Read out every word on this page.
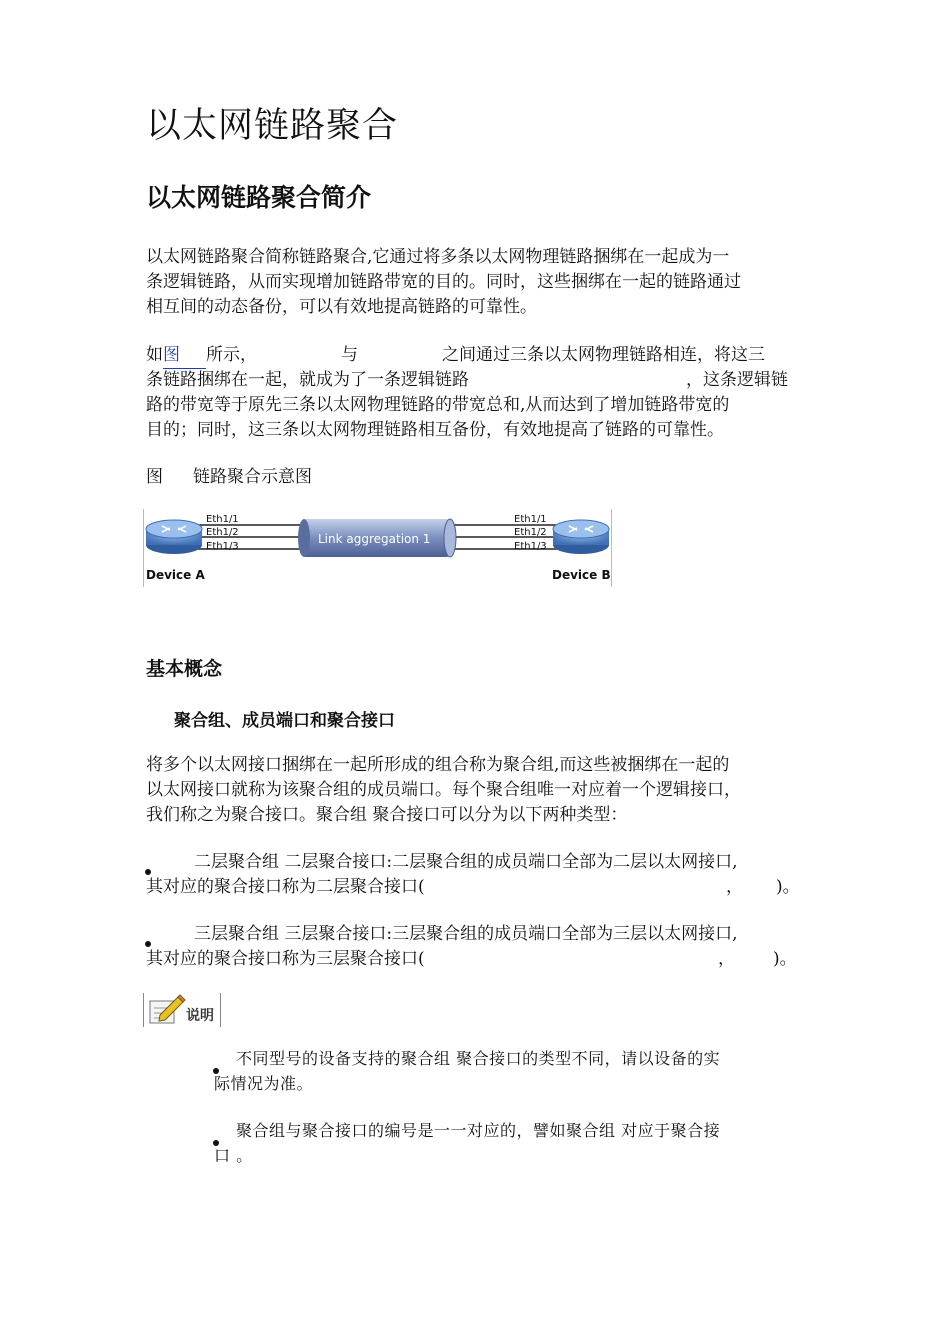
以太网链路聚合
以太网链路聚合简介
以太网链路聚合简称链路聚合,它通过将多条以太网物理链路捆绑在一起成为一
条逻辑链路，从而实现增加链路带宽的目的。同时，这些捆绑在一起的链路通过
相互间的动态备份，可以有效地提高链路的可靠性。
如图 所示，	与	之间通过三条以太网物理链路相连，将这三
条链路捆绑在一起，就成为了一条逻辑链路	，这条逻辑链
路的带宽等于原先三条以太网物理链路的带宽总和,从而达到了增加链路带宽的
目的；同时，这三条以太网物理链路相互备份，有效地提高了链路的可靠性。
图 链路聚合示意图
Link aggregation 1
Eth1/1
Eth1/2
Eth1/3
Eth1/1
Eth1/2
Eth1/3
Device A	Device B
基本概念
聚合组、成员端口和聚合接口
将多个以太网接口捆绑在一起所形成的组合称为聚合组,而这些被捆绑在一起的
以太网接口就称为该聚合组的成员端口。每个聚合组唯一对应着一个逻辑接口，
我们称之为聚合接口。聚合组 聚合接口可以分为以下两种类型：
二层聚合组 二层聚合接口:二层聚合组的成员端口全部为二层以太网接口,
其对应的聚合接口称为二层聚合接口(	， )。
三层聚合组 三层聚合接口:三层聚合组的成员端口全部为三层以太网接口,
其对应的聚合接口称为三层聚合接口(	， )。
说明
不同型号的设备支持的聚合组 聚合接口的类型不同，请以设备的实
际情况为准。
聚合组与聚合接口的编号是一一对应的，譬如聚合组 对应于聚合接
口 。
